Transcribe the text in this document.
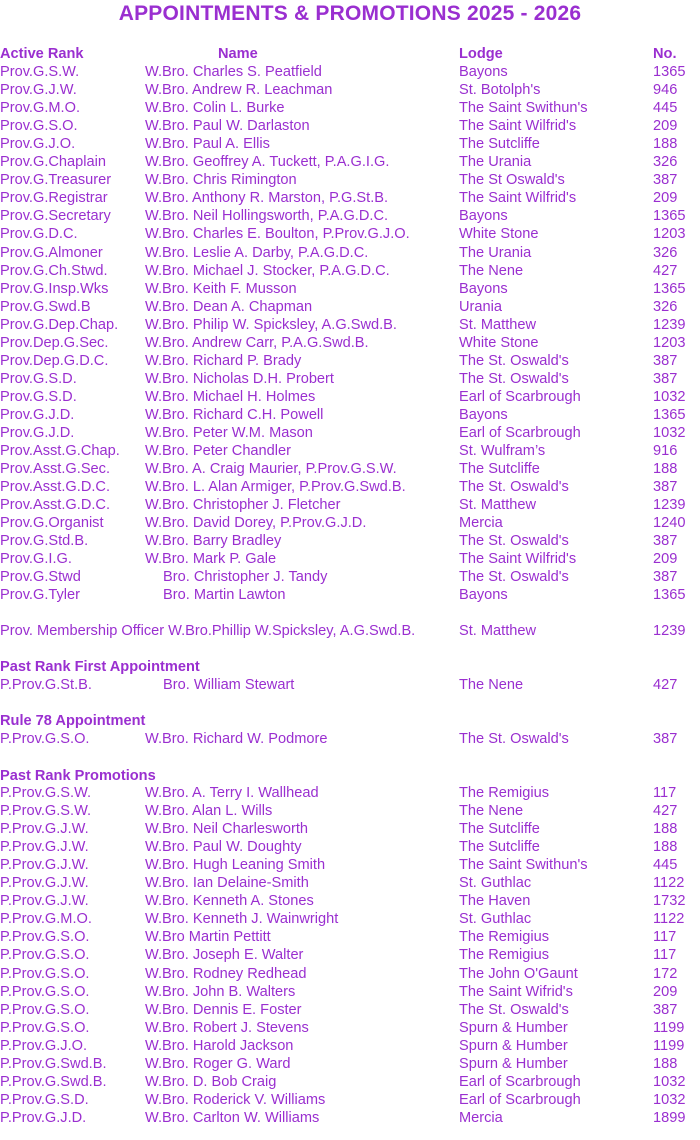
APPOINTMENTS & PROMOTIONS 2025 - 2026
Active Rank	Name	Lodge	No.
Prov.G.S.W.	W.Bro. Charles S. Peatfield	Bayons	1365
Prov.G.J.W.	W.Bro. Andrew R. Leachman	St. Botolph's	946
Prov.G.M.O.	W.Bro. Colin L. Burke	The Saint Swithun's	445
Prov.G.S.O.	W.Bro. Paul W. Darlaston	The Saint Wilfrid's	209
Prov.G.J.O.	W.Bro. Paul A. Ellis	The Sutcliffe	188
Prov.G.Chaplain	W.Bro. Geoffrey A. Tuckett, P.A.G.I.G.	The Urania	326
Prov.G.Treasurer W.Bro. Chris Rimington	The St Oswald's	387
Prov.G.Registrar	W.Bro. Anthony R. Marston, P.G.St.B.	The Saint Wilfrid's	209
Prov.G.Secretary W.Bro. Neil Hollingsworth, P.A.G.D.C.	Bayons	1365
Prov.G.D.C.	W.Bro. Charles E. Boulton, P.Prov.G.J.O.	White Stone	1203
Prov.G.Almoner	W.Bro. Leslie A. Darby, P.A.G.D.C.	The Urania	326
Prov.G.Ch.Stwd.	W.Bro. Michael J. Stocker, P.A.G.D.C.	The Nene	427
Prov.G.Insp.Wks	W.Bro. Keith F. Musson	Bayons	1365
Prov.G.Swd.B	W.Bro. Dean A. Chapman	Urania	326
Prov.G.Dep.Chap. W.Bro. Philip W. Spicksley, A.G.Swd.B.	St. Matthew	1239
Prov.Dep.G.Sec.	W.Bro. Andrew Carr, P.A.G.Swd.B.	White Stone	1203
Prov.Dep.G.D.C.	W.Bro. Richard P. Brady	The St. Oswald's	387
Prov.G.S.D.	W.Bro. Nicholas D.H. Probert	The St. Oswald's	387
Prov.G.S.D.	W.Bro. Michael H. Holmes	Earl of Scarbrough	1032
Prov.G.J.D.	W.Bro. Richard C.H. Powell	Bayons	1365
Prov.G.J.D.	W.Bro. Peter W.M. Mason	Earl of Scarbrough	1032
Prov.Asst.G.Chap. W.Bro. Peter Chandler	St. Wulfram’s	916
Prov.Asst.G.Sec. W.Bro. A. Craig Maurier, P.Prov.G.S.W.	The Sutcliffe	188
Prov.Asst.G.D.C. W.Bro. L. Alan Armiger, P.Prov.G.Swd.B.	The St. Oswald's	387
Prov.Asst.G.D.C. W.Bro. Christopher J. Fletcher	St. Matthew	1239
Prov.G.Organist	W.Bro. David Dorey, P.Prov.G.J.D.	Mercia	1240
Prov.G.Std.B.	W.Bro. Barry Bradley	The St. Oswald's	387
Prov.G.I.G.	W.Bro. Mark P. Gale	The Saint Wilfrid's	209
Prov.G.Stwd	Bro. Christopher J. Tandy	The St. Oswald's	387
Prov.G.Tyler	Bro. Martin Lawton	Bayons	1365
Prov. Membership Officer W.Bro.Phillip W.Spicksley, A.G.Swd.B.	St. Matthew	1239
Past Rank First Appointment
P.Prov.G.St.B.	Bro. William Stewart	The Nene	427
Rule 78 Appointment
P.Prov.G.S.O.	W.Bro. Richard W. Podmore	The St. Oswald's	387
Past Rank Promotions
P.Prov.G.S.W.	W.Bro. A. Terry I. Wallhead	The Remigius	117
P.Prov.G.S.W.	W.Bro. Alan L. Wills	The Nene	427
P.Prov.G.J.W.	W.Bro. Neil Charlesworth	The Sutcliffe	188
P.Prov.G.J.W.	W.Bro. Paul W. Doughty	The Sutcliffe	188
P.Prov.G.J.W.	W.Bro. Hugh Leaning Smith	The Saint Swithun's	445
P.Prov.G.J.W.	W.Bro. Ian Delaine-Smith	St. Guthlac	1122
P.Prov.G.J.W.	W.Bro. Kenneth A. Stones	The Haven	1732
P.Prov.G.M.O.	W.Bro. Kenneth J. Wainwright	St. Guthlac	1122
P.Prov.G.S.O.	W.Bro Martin Pettitt	The Remigius	117
P.Prov.G.S.O.	W.Bro. Joseph E. Walter	The Remigius	117
P.Prov.G.S.O.	W.Bro. Rodney Redhead	The John O'Gaunt	172
P.Prov.G.S.O.	W.Bro. John B. Walters	The Saint Wifrid's	209
P.Prov.G.S.O.	W.Bro. Dennis E. Foster	The St. Oswald's	387
P.Prov.G.S.O.	W.Bro. Robert J. Stevens	Spurn & Humber	1199
P.Prov.G.J.O.	W.Bro. Harold Jackson	Spurn & Humber	1199
P.Prov.G.Swd.B.	W.Bro. Roger G. Ward	Spurn & Humber	188
P.Prov.G.Swd.B.	W.Bro. D. Bob Craig	Earl of Scarbrough	1032
P.Prov.G.S.D.	W.Bro. Roderick V. Williams	Earl of Scarbrough	1032
P.Prov.G.J.D.	W.Bro. Carlton W. Williams	Mercia	1899
